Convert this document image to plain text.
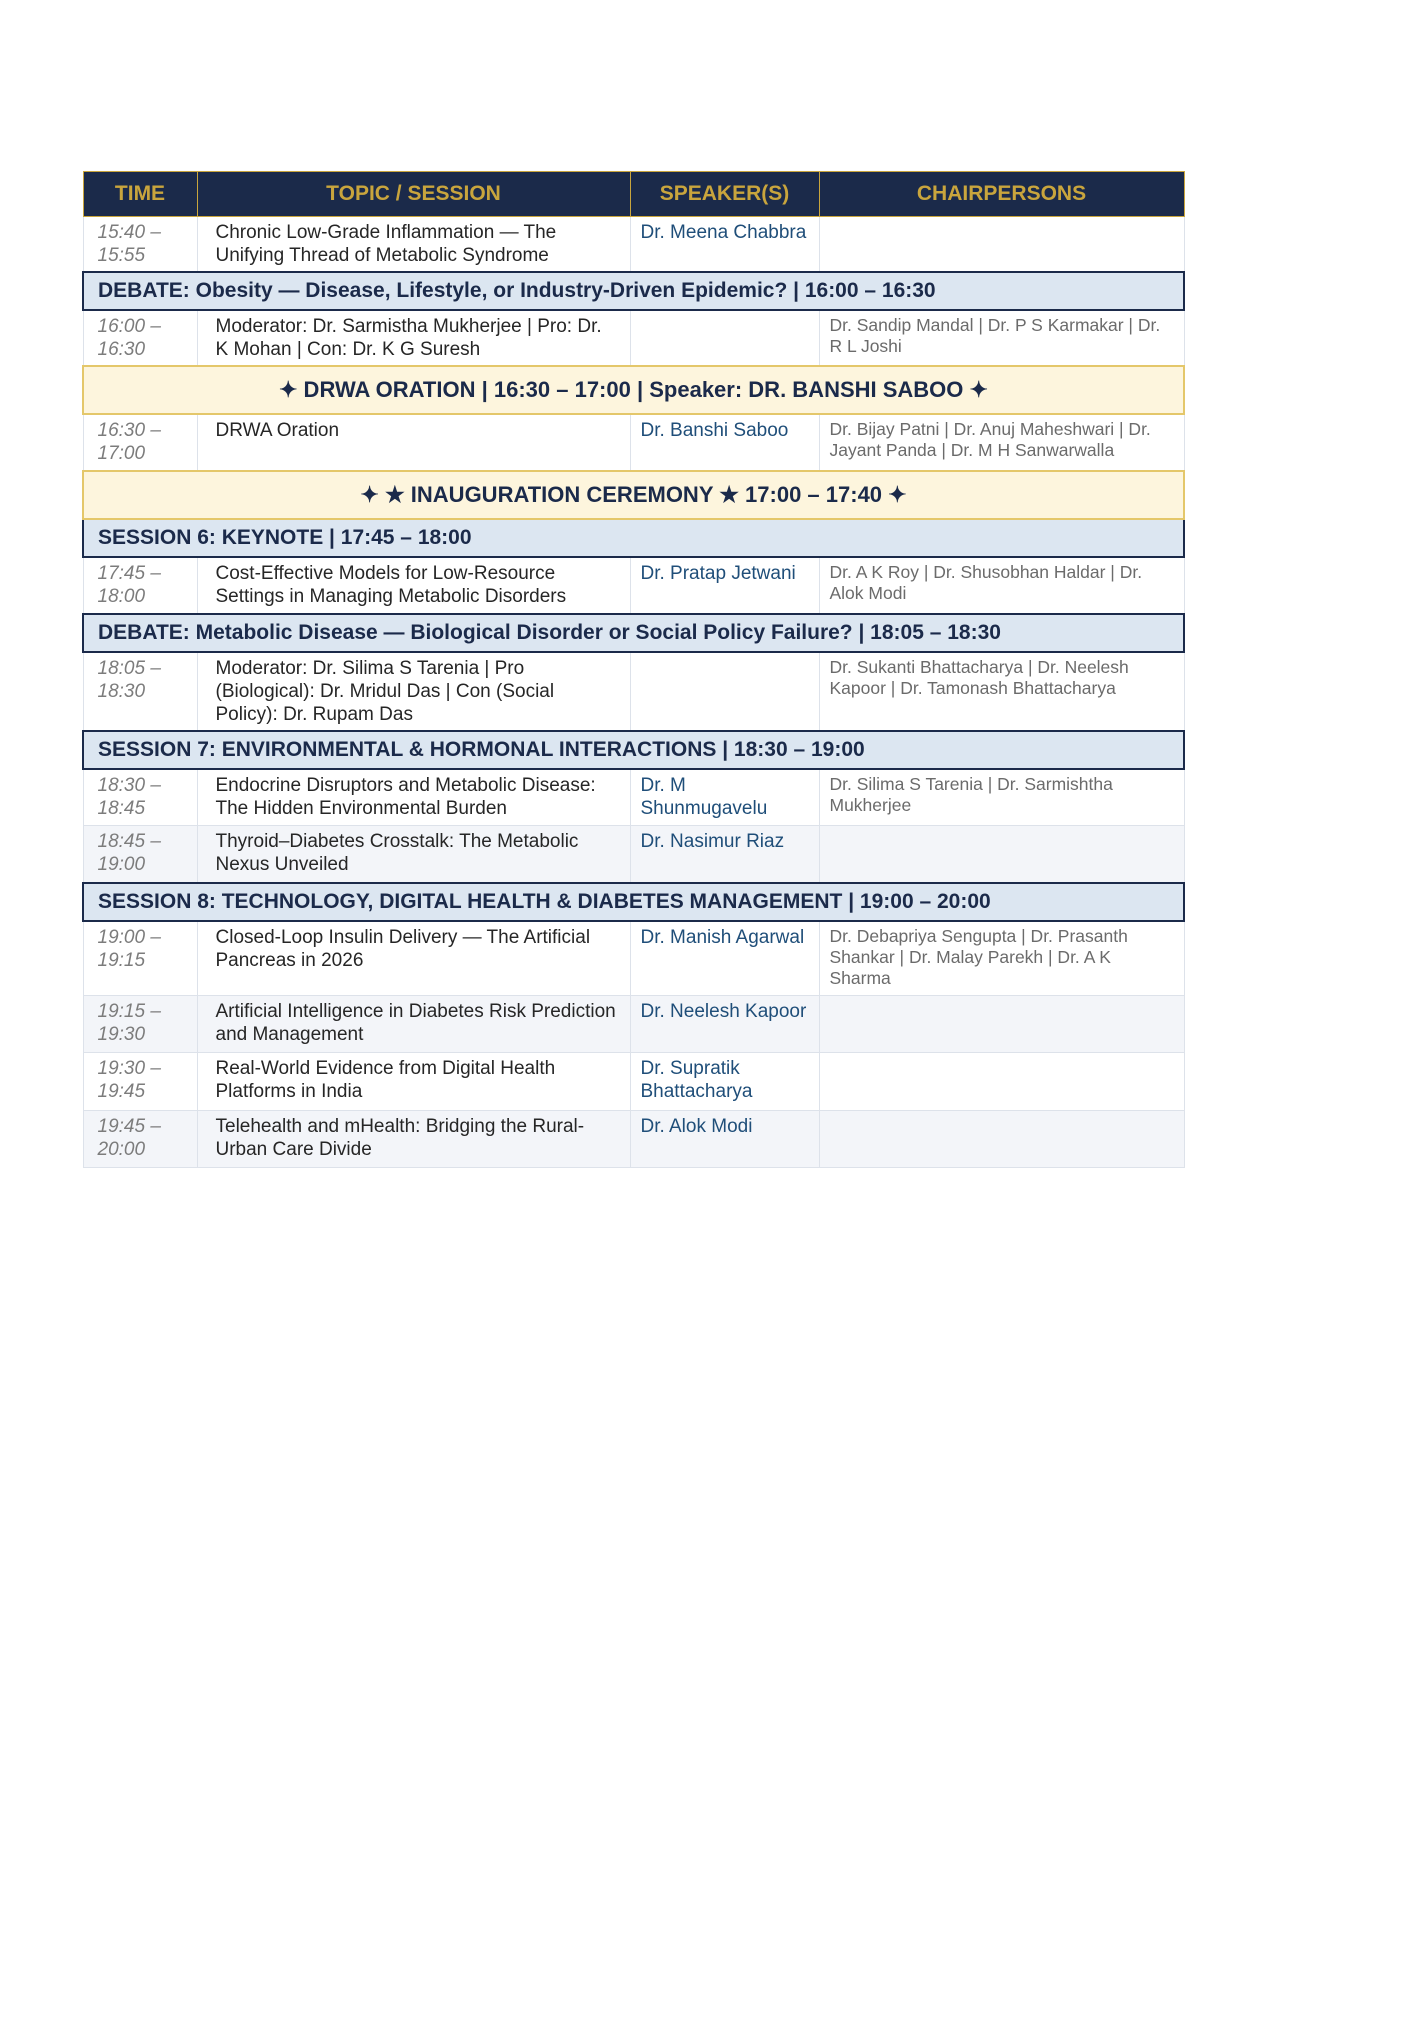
TIME	TOPIC / SESSION	SPEAKER(S)	CHAIRPERSONS
15:40 – 15:55	Chronic Low-Grade Inflammation — The Unifying Thread of Metabolic Syndrome	Dr. Meena Chabbra	
DEBATE: Obesity — Disease, Lifestyle, or Industry-Driven Epidemic? | 16:00 – 16:30			
16:00 – 16:30	Moderator: Dr. Sarmistha Mukherjee | Pro: Dr. K Mohan | Con: Dr. K G Suresh		Dr. Sandip Mandal | Dr. P S Karmakar | Dr. R L Joshi
✦ DRWA ORATION | 16:30 – 17:00 | Speaker: DR. BANSHI SABOO ✦			
16:30 – 17:00	DRWA Oration	Dr. Banshi Saboo	Dr. Bijay Patni | Dr. Anuj Maheshwari | Dr. Jayant Panda | Dr. M H Sanwarwalla
✦ ★ INAUGURATION CEREMONY ★ 17:00 – 17:40 ✦			
SESSION 6: KEYNOTE | 17:45 – 18:00			
17:45 – 18:00	Cost-Effective Models for Low-Resource Settings in Managing Metabolic Disorders	Dr. Pratap Jetwani	Dr. A K Roy | Dr. Shusobhan Haldar | Dr. Alok Modi
DEBATE: Metabolic Disease — Biological Disorder or Social Policy Failure? | 18:05 – 18:30			
18:05 – 18:30	Moderator: Dr. Silima S Tarenia | Pro (Biological): Dr. Mridul Das | Con (Social Policy): Dr. Rupam Das		Dr. Sukanti Bhattacharya | Dr. Neelesh Kapoor | Dr. Tamonash Bhattacharya
SESSION 7: ENVIRONMENTAL & HORMONAL INTERACTIONS | 18:30 – 19:00			
18:30 – 18:45	Endocrine Disruptors and Metabolic Disease: The Hidden Environmental Burden	Dr. M Shunmugavelu	Dr. Silima S Tarenia | Dr. Sarmishtha Mukherjee
18:45 – 19:00	Thyroid–Diabetes Crosstalk: The Metabolic Nexus Unveiled	Dr. Nasimur Riaz	
SESSION 8: TECHNOLOGY, DIGITAL HEALTH & DIABETES MANAGEMENT | 19:00 – 20:00			
19:00 – 19:15	Closed-Loop Insulin Delivery — The Artificial Pancreas in 2026	Dr. Manish Agarwal	Dr. Debapriya Sengupta | Dr. Prasanth Shankar | Dr. Malay Parekh | Dr. A K Sharma
19:15 – 19:30	Artificial Intelligence in Diabetes Risk Prediction and Management	Dr. Neelesh Kapoor	
19:30 – 19:45	Real-World Evidence from Digital Health Platforms in India	Dr. Supratik Bhattacharya	
19:45 – 20:00	Telehealth and mHealth: Bridging the Rural-Urban Care Divide	Dr. Alok Modi	
